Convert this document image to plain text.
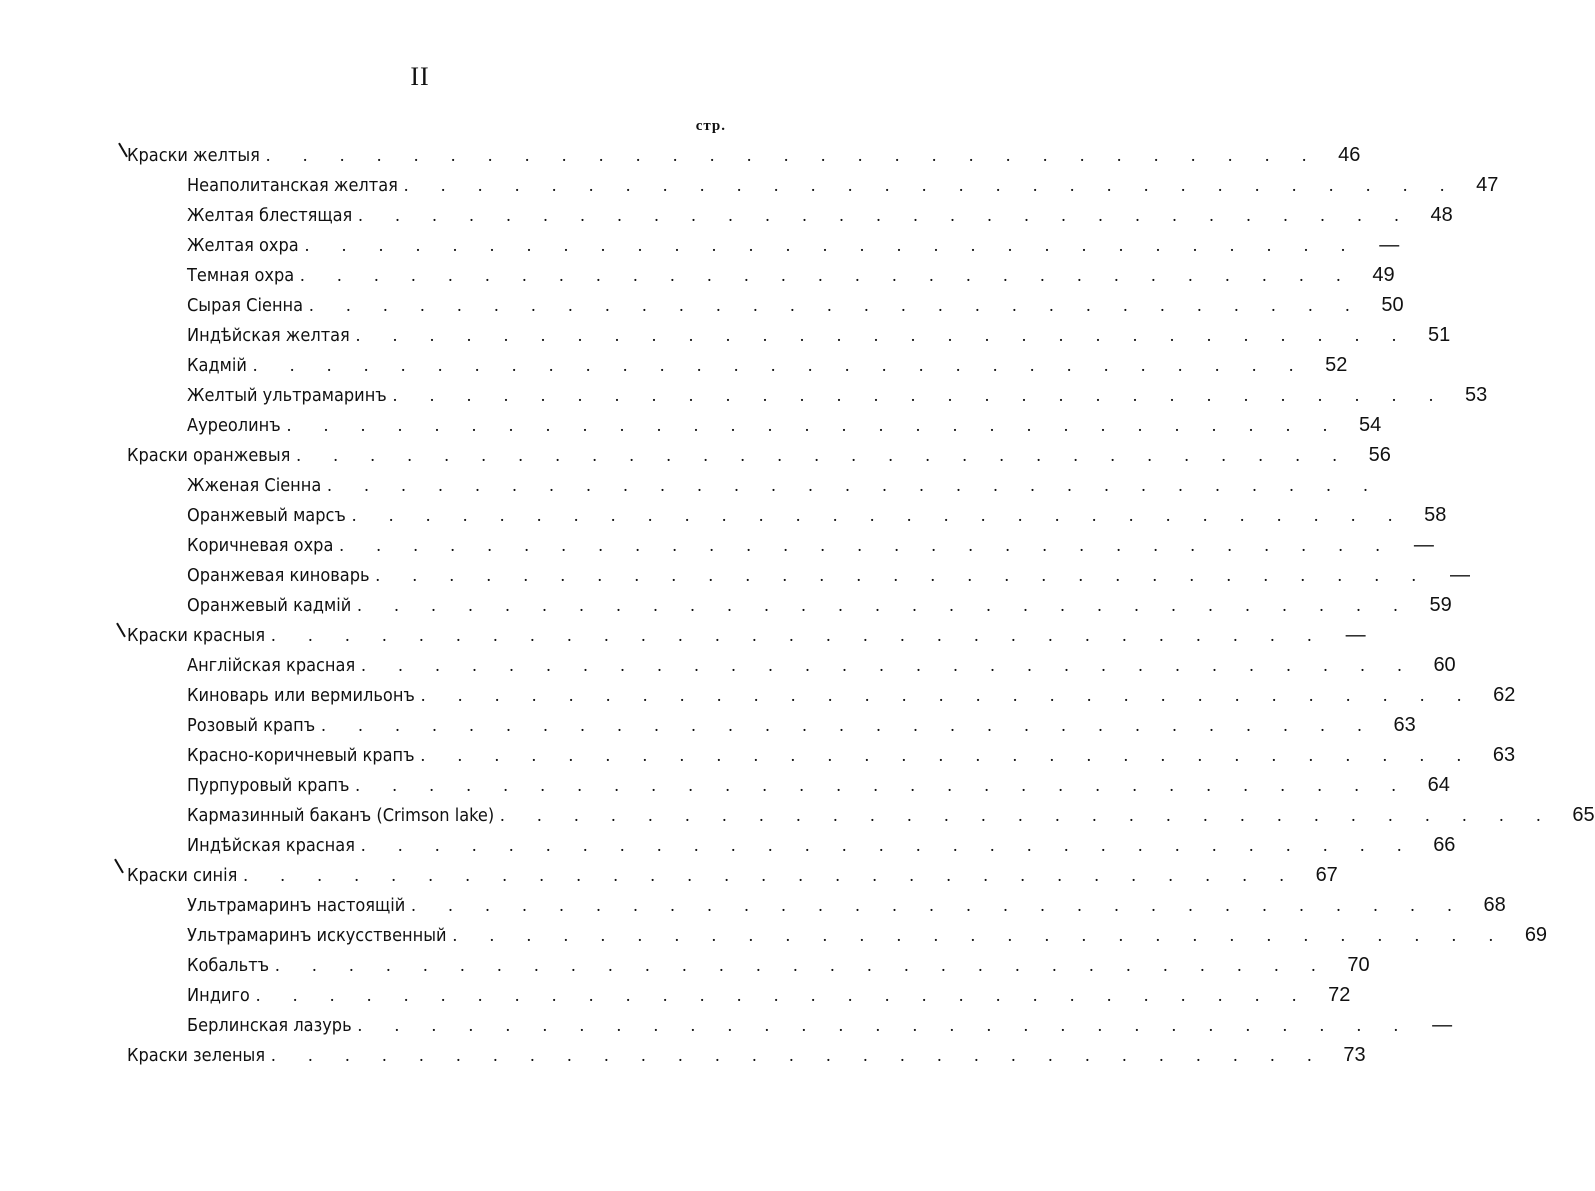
II
стр.
Краски желтыя . . . . . . . . . . . . . . . . . . . . . . . . . . . . . 46
Неаполитанская желтая . . . . . . . . . . . . . . . . . . . . . . . . . . . . . 47
Желтая блестящая . . . . . . . . . . . . . . . . . . . . . . . . . . . . . 48
Желтая охра . . . . . . . . . . . . . . . . . . . . . . . . . . . . .	—
Темная охра . . . . . . . . . . . . . . . . . . . . . . . . . . . . . 49
Сырая Сіенна . . . . . . . . . . . . . . . . . . . . . . . . . . . . . 50
Индѣйская желтая . . . . . . . . . . . . . . . . . . . . . . . . . . . . . 51
Кадмій . . . . . . . . . . . . . . . . . . . . . . . . . . . . . 52
Желтый ультрамаринъ . . . . . . . . . . . . . . . . . . . . . . . . . . . . . 53
Ауреолинъ . . . . . . . . . . . . . . . . . . . . . . . . . . . . . 54
Краски оранжевыя . . . . . . . . . . . . . . . . . . . . . . . . . . . . . 56
Жженая Сіенна . . . . . . . . . . . . . . . . . . . . . . . . . . . . .
Оранжевый марсъ . . . . . . . . . . . . . . . . . . . . . . . . . . . . . 58
Коричневая охра . . . . . . . . . . . . . . . . . . . . . . . . . . . . .	—
Оранжевая киноварь . . . . . . . . . . . . . . . . . . . . . . . . . . . . .	—
Оранжевый кадмій . . . . . . . . . . . . . . . . . . . . . . . . . . . . . 59
Краски красныя . . . . . . . . . . . . . . . . . . . . . . . . . . . . .	—
Англійская красная . . . . . . . . . . . . . . . . . . . . . . . . . . . . . 60
Киноварь или вермильонъ . . . . . . . . . . . . . . . . . . . . . . . . . . . . . 62
Розовый крапъ . . . . . . . . . . . . . . . . . . . . . . . . . . . . . 63
Красно-коричневый крапъ . . . . . . . . . . . . . . . . . . . . . . . . . . . . . 63
Пурпуровый крапъ . . . . . . . . . . . . . . . . . . . . . . . . . . . . . 64
Кармазинный баканъ (Crimson lake) . . . . . . . . . . . . . . . . . . . . . . . . . . . . . 65
Индѣйская красная . . . . . . . . . . . . . . . . . . . . . . . . . . . . . 66
Краски синія . . . . . . . . . . . . . . . . . . . . . . . . . . . . . 67
Ультрамаринъ настоящій . . . . . . . . . . . . . . . . . . . . . . . . . . . . . 68
Ультрамаринъ искусственный . . . . . . . . . . . . . . . . . . . . . . . . . . . . . 69
Кобальтъ . . . . . . . . . . . . . . . . . . . . . . . . . . . . . 70
Индиго . . . . . . . . . . . . . . . . . . . . . . . . . . . . . 72
Берлинская лазурь . . . . . . . . . . . . . . . . . . . . . . . . . . . . .	—
Краски зеленыя . . . . . . . . . . . . . . . . . . . . . . . . . . . . . 73
